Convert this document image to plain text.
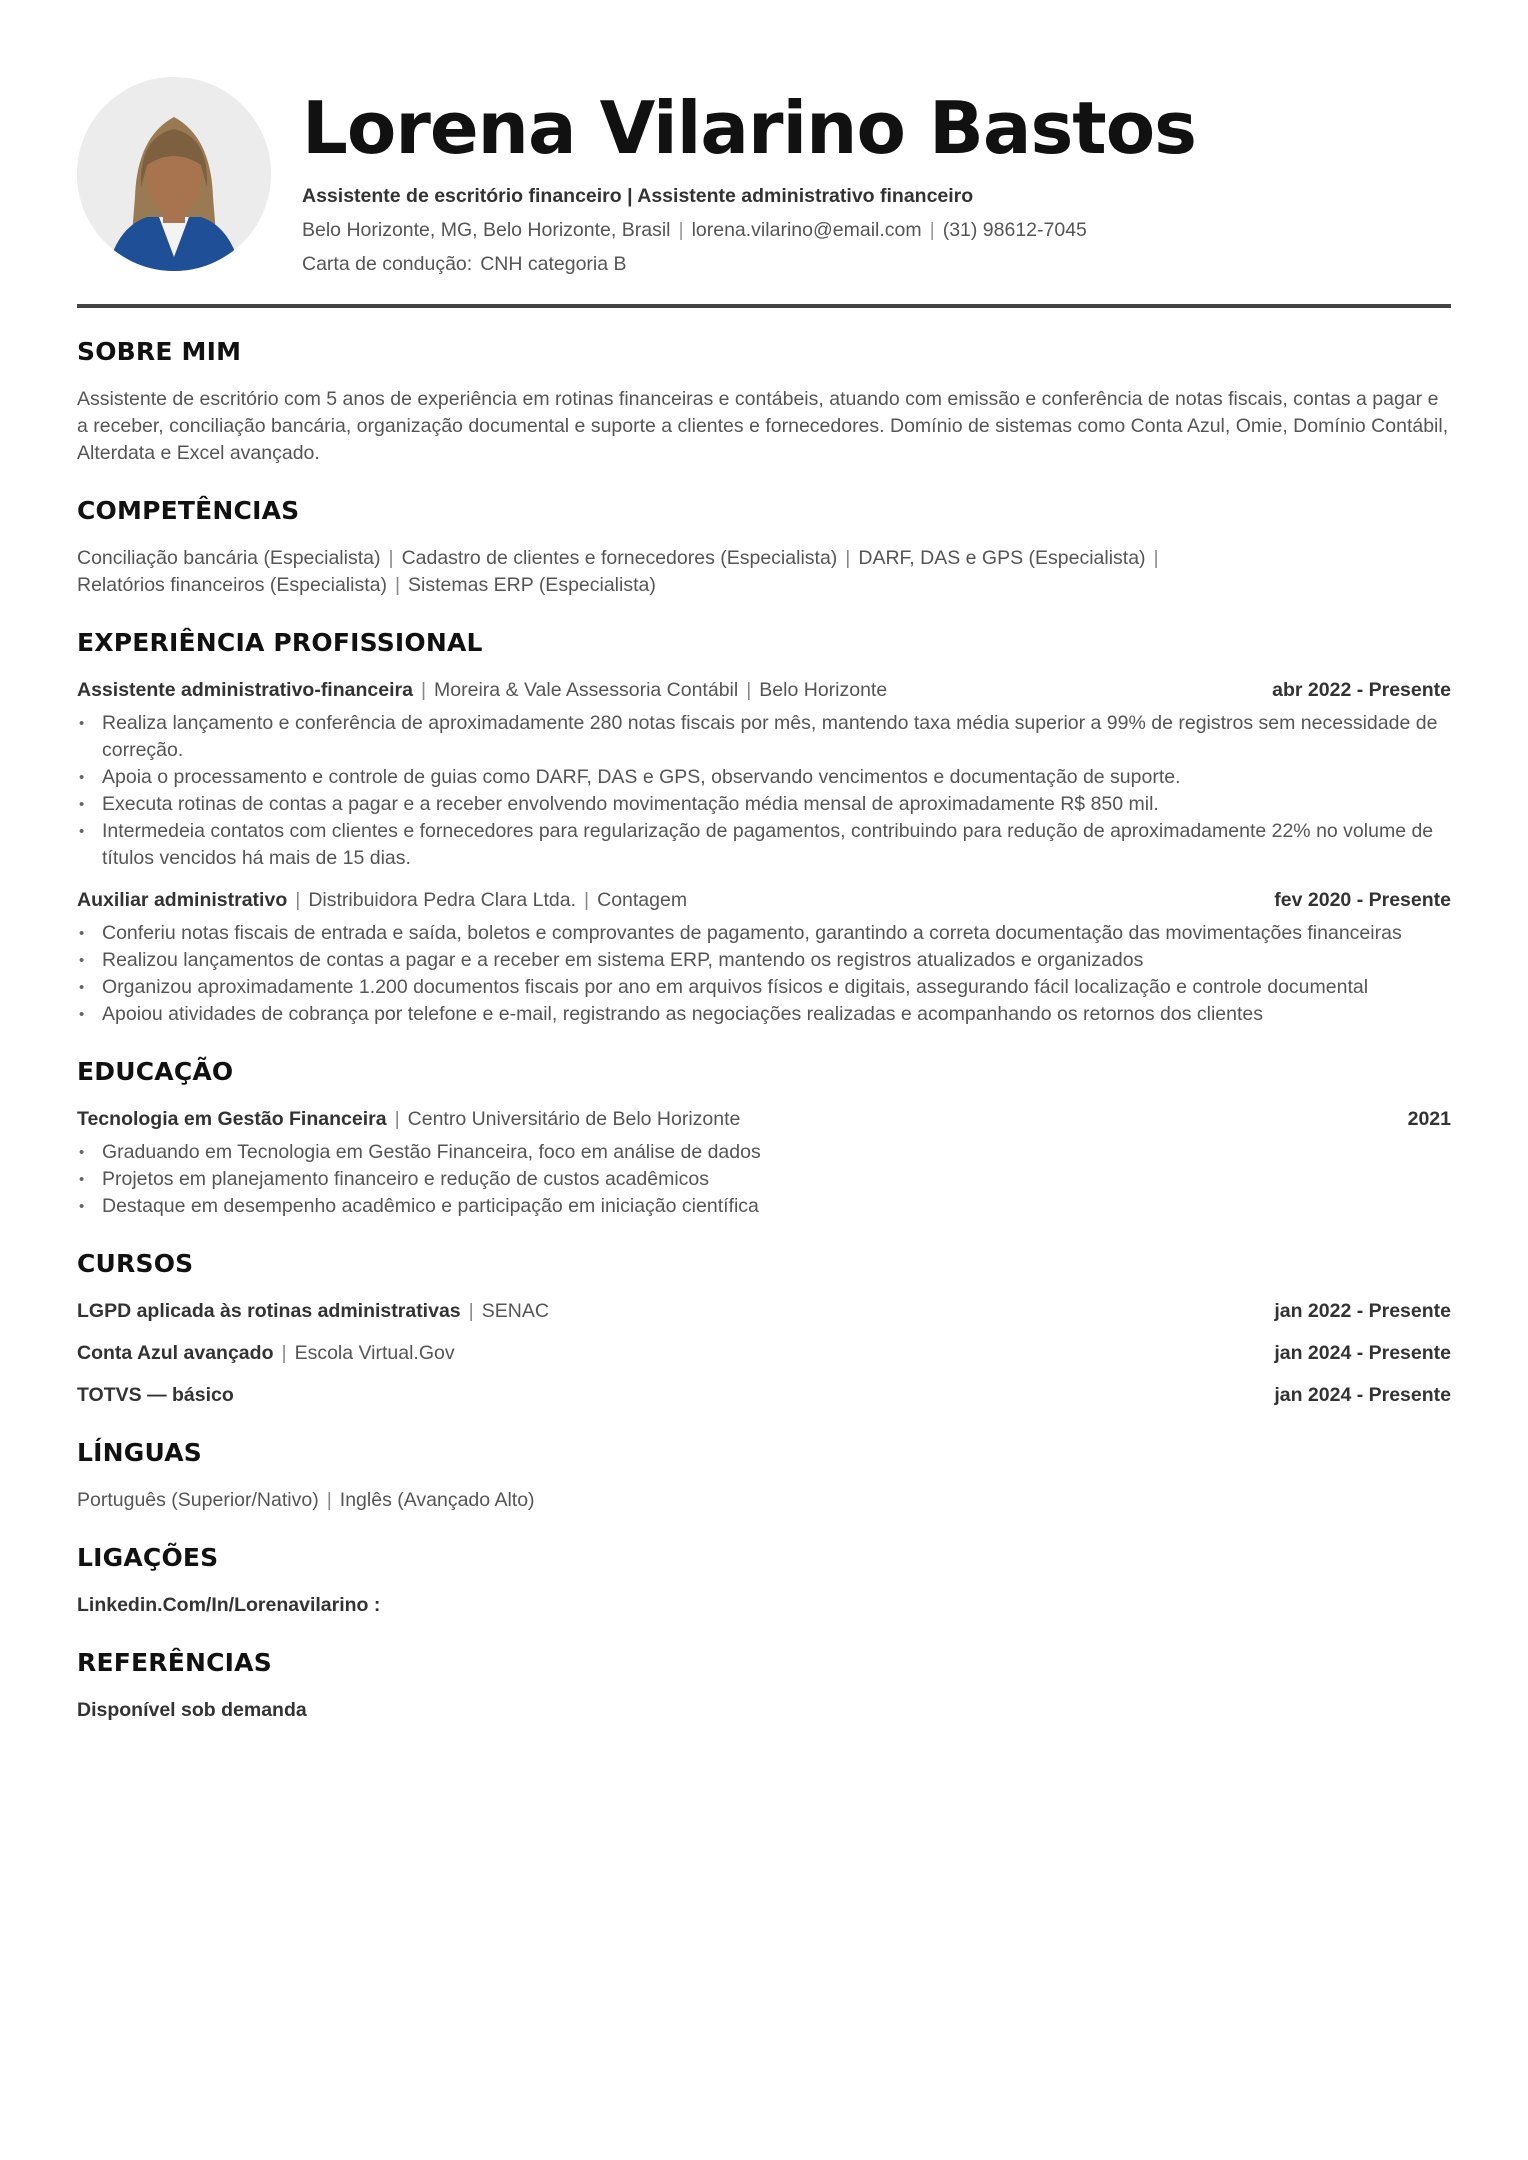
Lorena Vilarino Bastos
Assistente de escritório financeiro | Assistente administrativo financeiro
Belo Horizonte, MG, Belo Horizonte, Brasil | lorena.vilarino@email.com | (31) 98612-7045
Carta de condução: CNH categoria B
SOBRE MIM

Assistente de escritório com 5 anos de experiência em rotinas financeiras e contábeis, atuando com emissão e conferência de notas fiscais, contas a pagar e a receber, conciliação bancária, organização documental e suporte a clientes e fornecedores. Domínio de sistemas como Conta Azul, Omie, Domínio Contábil, Alterdata e Excel avançado.

COMPETÊNCIAS
Conciliação bancária (Especialista) | Cadastro de clientes e fornecedores (Especialista) | DARF, DAS e GPS (Especialista) |
Relatórios financeiros (Especialista) | Sistemas ERP (Especialista)
EXPERIÊNCIA PROFISSIONAL
Assistente administrativo-financeira | Moreira & Vale Assessoria Contábil | Belo Horizonte	abr 2022 - Presente
• Realiza lançamento e conferência de aproximadamente 280 notas fiscais por mês, mantendo taxa média superior a 99% de registros sem necessidade de correção.
• Apoia o processamento e controle de guias como DARF, DAS e GPS, observando vencimentos e documentação de suporte.
• Executa rotinas de contas a pagar e a receber envolvendo movimentação média mensal de aproximadamente R$ 850 mil.
• Intermedeia contatos com clientes e fornecedores para regularização de pagamentos, contribuindo para redução de aproximadamente 22% no volume de títulos vencidos há mais de 15 dias.
Auxiliar administrativo | Distribuidora Pedra Clara Ltda. | Contagem	fev 2020 - Presente
• Conferiu notas fiscais de entrada e saída, boletos e comprovantes de pagamento, garantindo a correta documentação das movimentações financeiras
• Realizou lançamentos de contas a pagar e a receber em sistema ERP, mantendo os registros atualizados e organizados
• Organizou aproximadamente 1.200 documentos fiscais por ano em arquivos físicos e digitais, assegurando fácil localização e controle documental
• Apoiou atividades de cobrança por telefone e e-mail, registrando as negociações realizadas e acompanhando os retornos dos clientes
EDUCAÇÃO
Tecnologia em Gestão Financeira | Centro Universitário de Belo Horizonte	2021
• Graduando em Tecnologia em Gestão Financeira, foco em análise de dados
• Projetos em planejamento financeiro e redução de custos acadêmicos
• Destaque em desempenho acadêmico e participação em iniciação científica
CURSOS
LGPD aplicada às rotinas administrativas | SENAC	jan 2022 - Presente
Conta Azul avançado | Escola Virtual.Gov	jan 2024 - Presente
TOTVS — básico	jan 2024 - Presente
LÍNGUAS
Português (Superior/Nativo) | Inglês (Avançado Alto)
LIGAÇÕES
Linkedin.Com/In/Lorenavilarino :
REFERÊNCIAS
Disponível sob demanda
